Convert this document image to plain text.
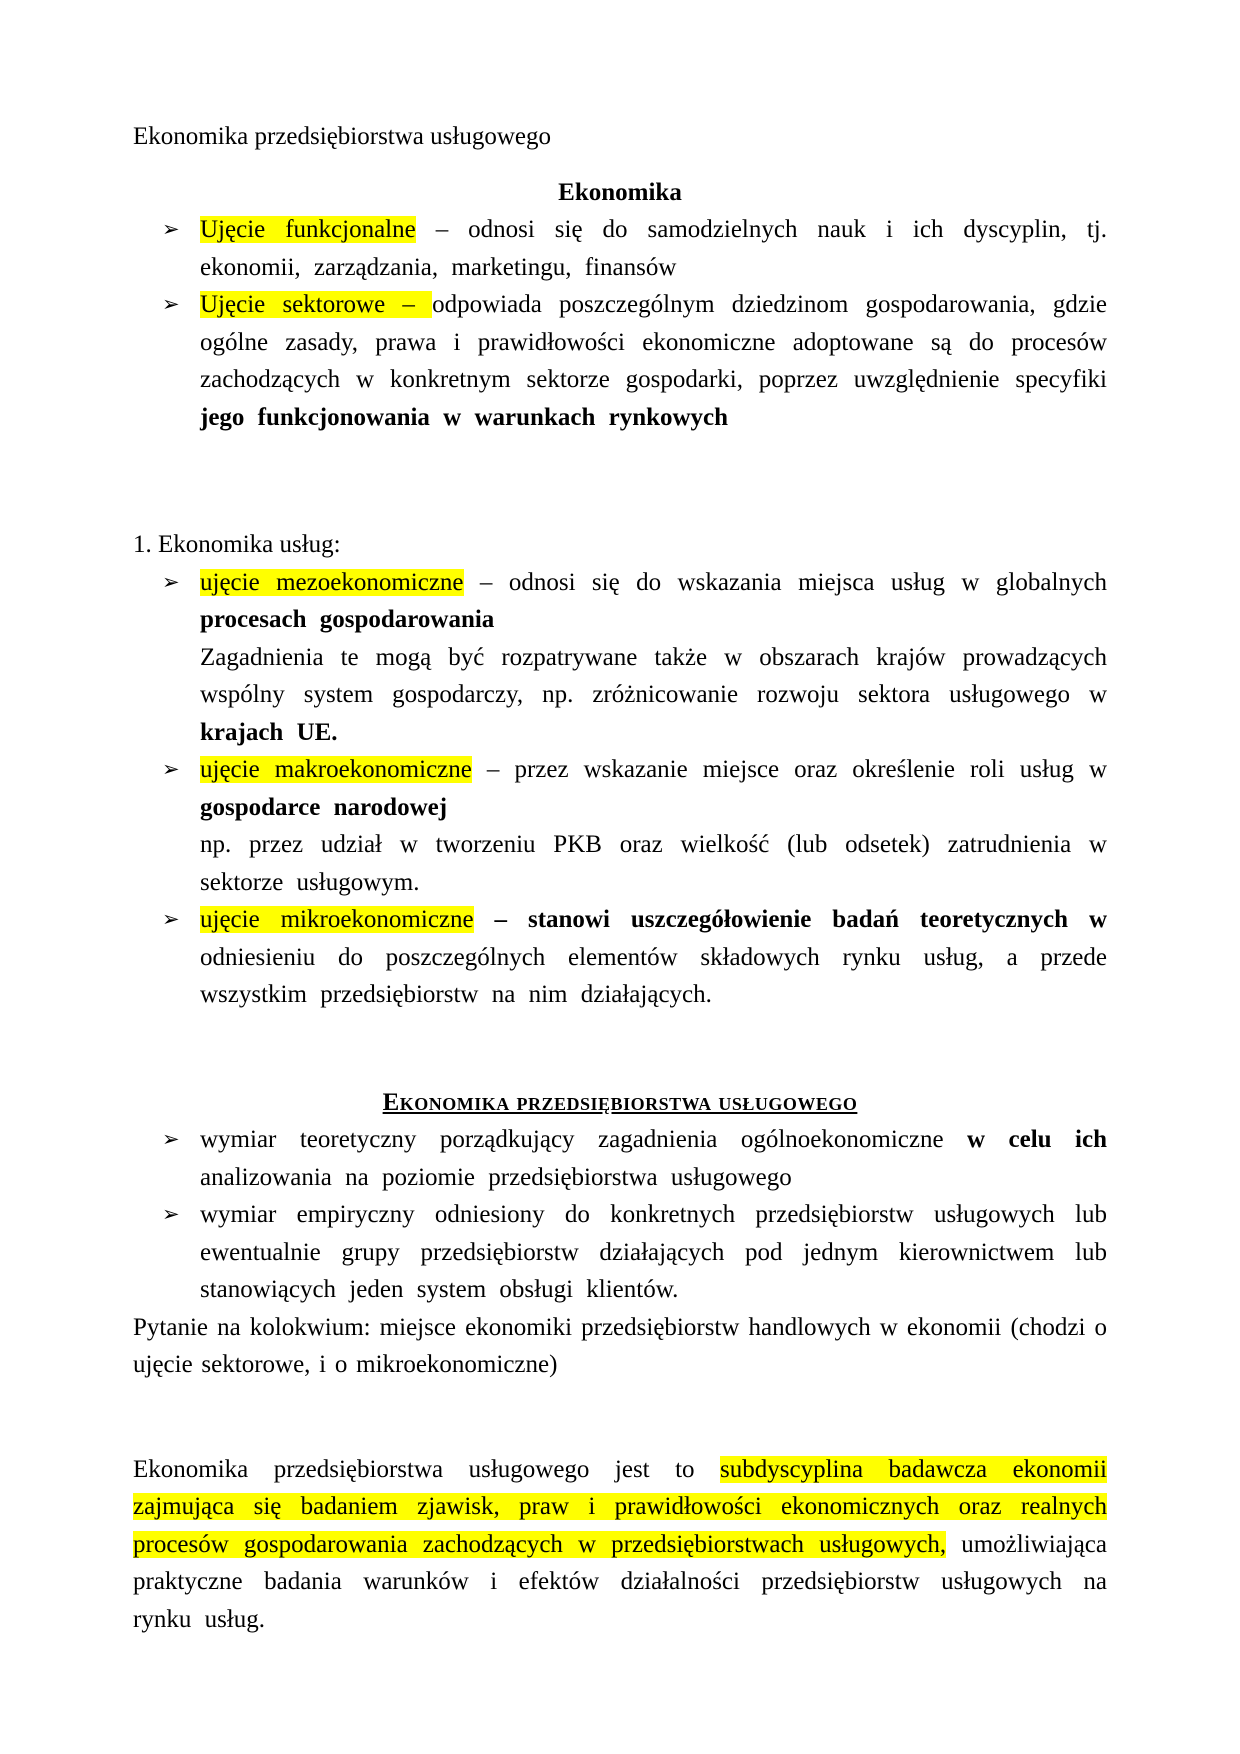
Ekonomika przedsiębiorstwa usługowego

Ekonomika

➢ Ujęcie funkcjonalne – odnosi się do samodzielnych nauk i ich dyscyplin, tj. ekonomii, zarządzania, marketingu, finansów
➢ Ujęcie sektorowe – odpowiada poszczególnym dziedzinom gospodarowania, gdzie ogólne zasady, prawa i prawidłowości ekonomiczne adoptowane są do procesów zachodzących w konkretnym sektorze gospodarki, poprzez uwzględnienie specyfiki jego funkcjonowania w warunkach rynkowych

1. Ekonomika usług:

➢ ujęcie mezoekonomiczne – odnosi się do wskazania miejsca usług w globalnych procesach gospodarowania
Zagadnienia te mogą być rozpatrywane także w obszarach krajów prowadzących wspólny system gospodarczy, np. zróżnicowanie rozwoju sektora usługowego w krajach UE.
➢ ujęcie makroekonomiczne – przez wskazanie miejsce oraz określenie roli usług w gospodarce narodowej
np. przez udział w tworzeniu PKB oraz wielkość (lub odsetek) zatrudnienia w sektorze usługowym.
➢ ujęcie mikroekonomiczne – stanowi uszczegółowienie badań teoretycznych w odniesieniu do poszczególnych elementów składowych rynku usług, a przede wszystkim przedsiębiorstw na nim działających.
Ekonomika przedsiębiorstwa usługowego
➢ wymiar teoretyczny porządkujący zagadnienia ogólnoekonomiczne w celu ich analizowania na poziomie przedsiębiorstwa usługowego
➢ wymiar empiryczny odniesiony do konkretnych przedsiębiorstw usługowych lub ewentualnie grupy przedsiębiorstw działających pod jednym kierownictwem lub stanowiących jeden system obsługi klientów.

Pytanie na kolokwium: miejsce ekonomiki przedsiębiorstw handlowych w ekonomii (chodzi o ujęcie sektorowe, i o mikroekonomiczne)

Ekonomika przedsiębiorstwa usługowego jest to subdyscyplina badawcza ekonomii zajmująca się badaniem zjawisk, praw i prawidłowości ekonomicznych oraz realnych procesów gospodarowania zachodzących w przedsiębiorstwach usługowych, umożliwiająca praktyczne badania warunków i efektów działalności przedsiębiorstw usługowych na rynku usług.
